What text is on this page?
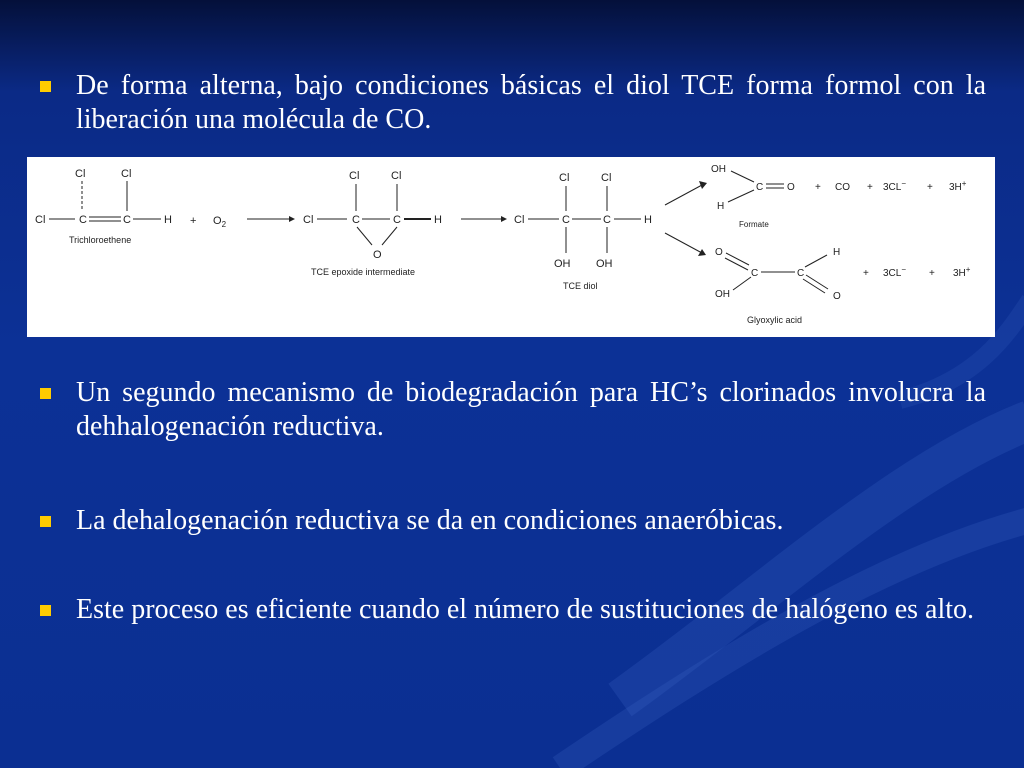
De forma alterna, bajo condiciones básicas el diol TCE forma formol con la liberación una molécula de CO.
Cl	Cl
Cl	C	C	H
Trichloroethene
+ $O_2$
Cl	Cl
Cl	C	C	H
O
TCE epoxide intermediate
Cl	Cl
Cl	C	C	H
OH OH
TCE diol
OH
H
C O + CO + 3CL− + 3H+
Formate
O
OH
C	C
H
O
+ 3CL− + 3H+
Glyoxylic acid
Un segundo mecanismo de biodegradación para HC’s clorinados involucra la dehhalogenación reductiva.
La dehalogenación reductiva se da en condiciones anaeróbicas.
Este proceso es eficiente cuando el número de sustituciones de halógeno es alto.
